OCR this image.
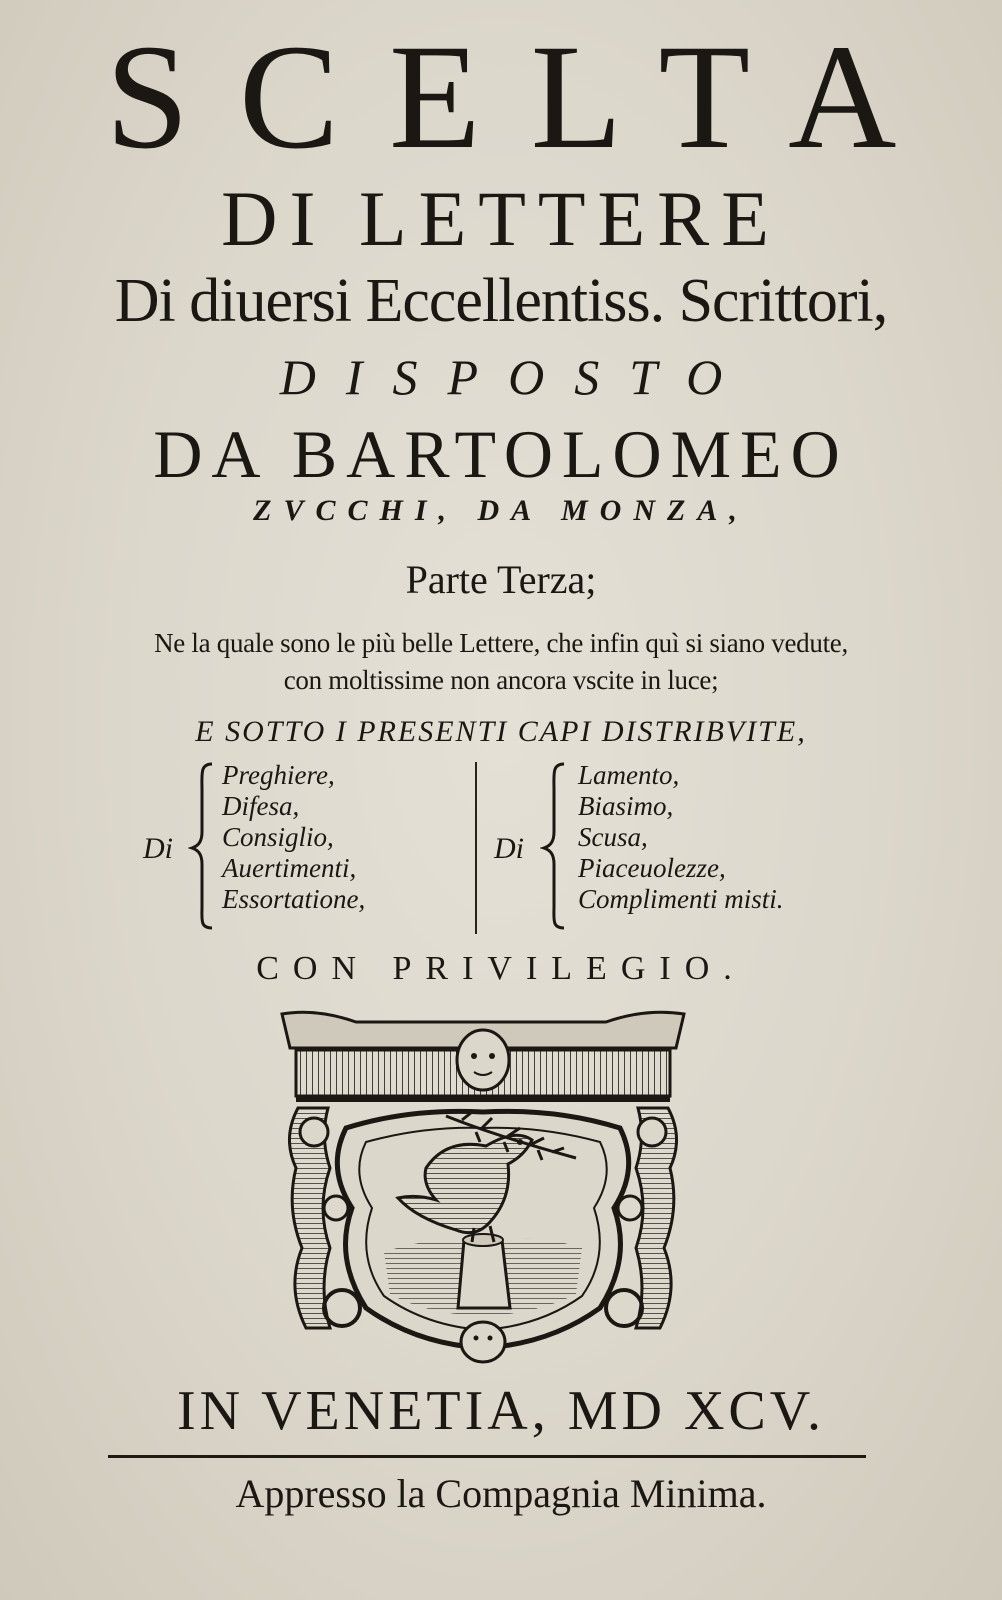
SCELTA
DI LETTERE
Di diuersi Eccellentiss. Scrittori,
DISPOSTO
DA BARTOLOMEO
ZVCCHI, DA MONZA,
Parte Terza;
Ne la quale sono le più belle Lettere, che infin quì si siano vedute,
con moltissime non ancora vscite in luce;
E SOTTO I PRESENTI CAPI DISTRIBVITE,
Di
Preghiere,
Difesa,
Consiglio,
Auertimenti,
Essortatione,
Di
Lamento,
Biasimo,
Scusa,
Piaceuolezze,
Complimenti misti.
CON PRIVILEGIO.
IN VENETIA, MD XCV.
Appresso la Compagnia Minima.
